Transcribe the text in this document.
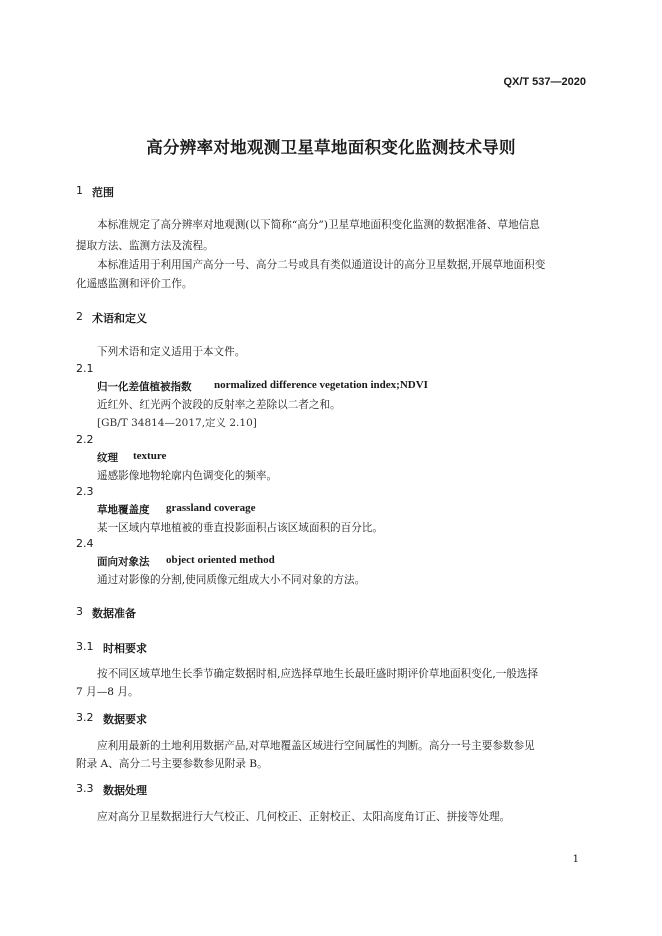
QX/T 537—2020
高分辨率对地观测卫星草地面积变化监测技术导则
1 范围
本标准规定了高分辨率对地观测(以下简称“高分”)卫星草地面积变化监测的数据准备、草地信息
提取方法、监测方法及流程。
本标准适用于利用国产高分一号、高分二号或具有类似通道设计的高分卫星数据,开展草地面积变
化遥感监测和评价工作。
2 术语和定义
下列术语和定义适用于本文件。
2.1
归一化差值植被指数 normalized difference vegetation index;NDVI
近红外、红光两个波段的反射率之差除以二者之和。
[GB/T 34814—2017,定义 2.10]
2.2
纹理 texture
遥感影像地物轮廓内色调变化的频率。
2.3
草地覆盖度 grassland coverage
某一区域内草地植被的垂直投影面积占该区域面积的百分比。
2.4
面向对象法 object oriented method
通过对影像的分割,使同质像元组成大小不同对象的方法。
3 数据准备
3.1 时相要求
按不同区域草地生长季节确定数据时相,应选择草地生长最旺盛时期评价草地面积变化,一般选择
7 月—8 月。
3.2 数据要求
应利用最新的土地利用数据产品,对草地覆盖区域进行空间属性的判断。高分一号主要参数参见
附录 A、高分二号主要参数参见附录 B。
3.3 数据处理
应对高分卫星数据进行大气校正、几何校正、正射校正、太阳高度角订正、拼接等处理。
1
